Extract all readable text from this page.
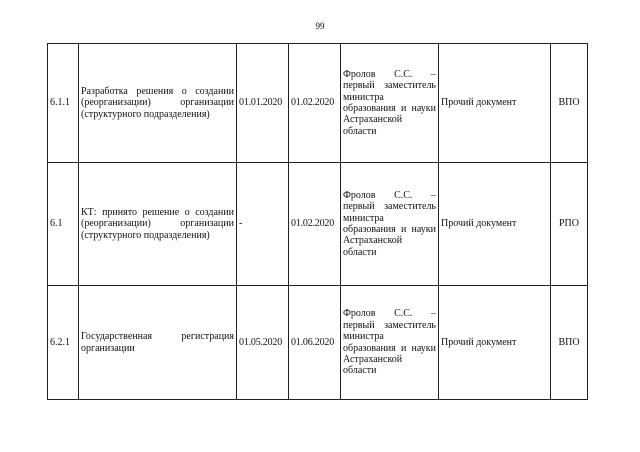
99
6.1.1	Разработка решения о создании (реорганизации) организации (структурного подразделения)	01.01.2020	01.02.2020	Фролов С.С. – первый заместитель министра образования и науки Астраханской области	Прочий документ	ВПО
6.1	КТ: принято решение о создании (реорганизации) организации (структурного подразделения)	-	01.02.2020	Фролов С.С. – первый заместитель министра образования и науки Астраханской области	Прочий документ	РПО
6.2.1	Государственная регистрация организации	01.05.2020	01.06.2020	Фролов С.С. – первый заместитель министра образования и науки Астраханской области	Прочий документ	ВПО
